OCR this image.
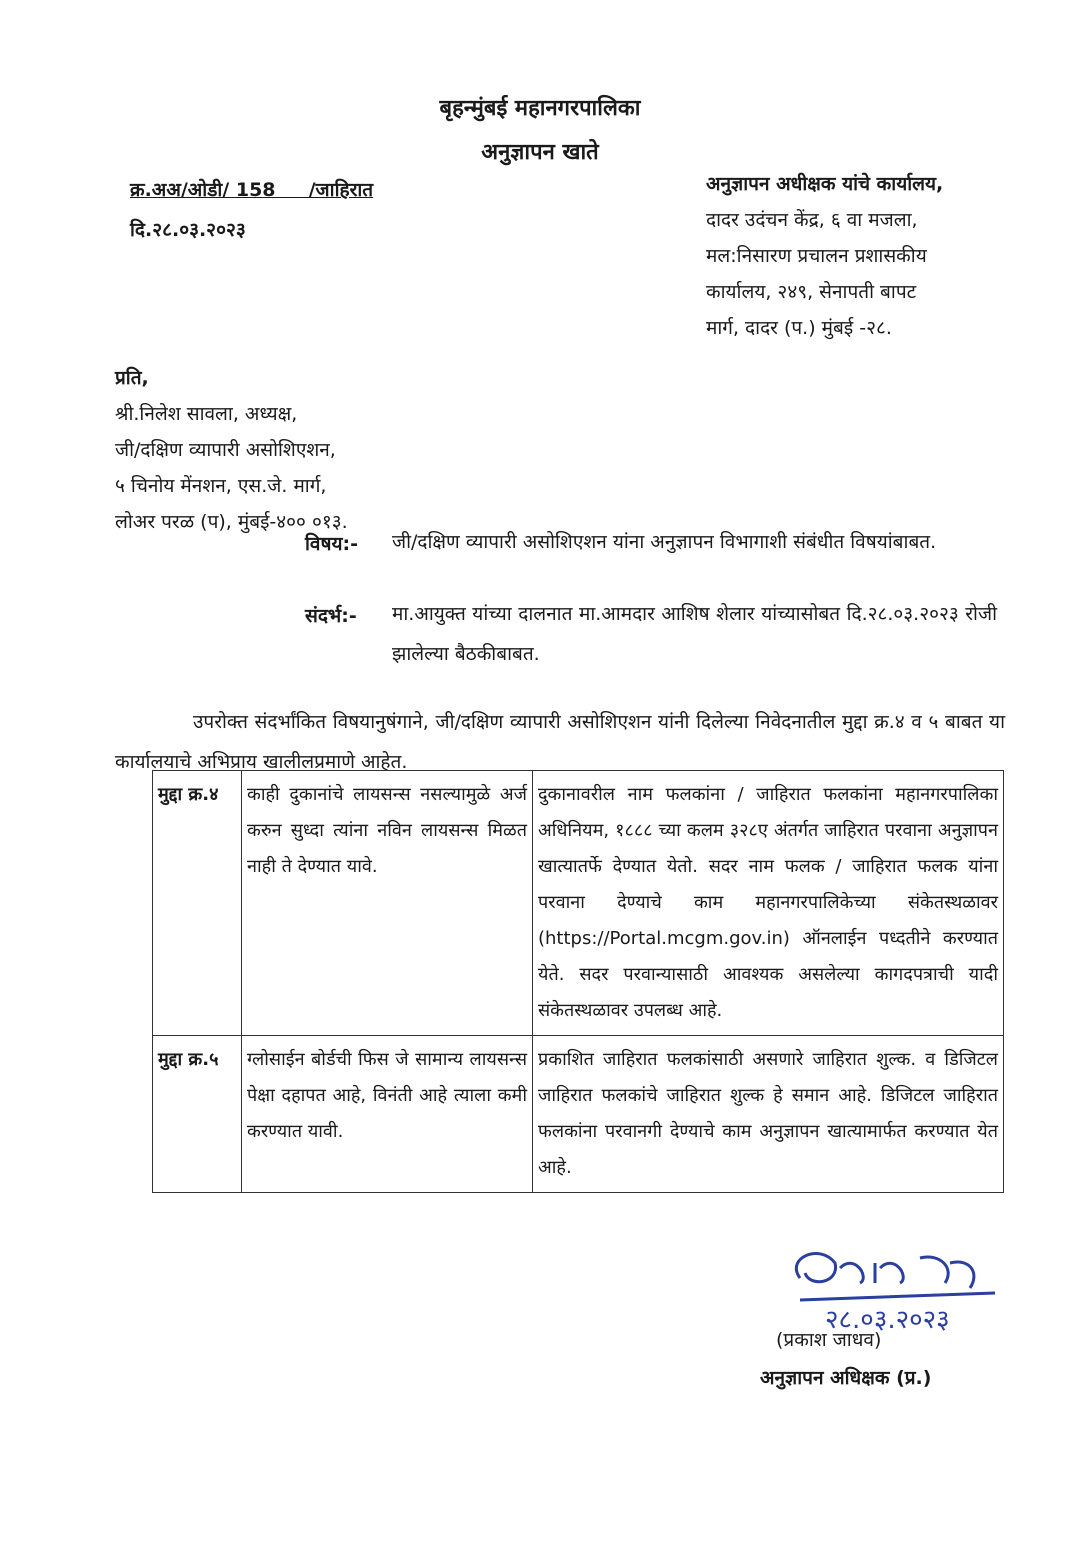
बृहन्मुंबई महानगरपालिका
अनुज्ञापन खाते
क्र.अअ/ओडी/ 158 /जाहिरात
दि.२८.०३.२०२३
अनुज्ञापन अधीक्षक यांचे कार्यालय,
दादर उदंचन केंद्र, ६ वा मजला,
मल:निसारण प्रचालन प्रशासकीय
कार्यालय, २४९, सेनापती बापट
मार्ग, दादर (प.) मुंबई -२८.
प्रति,
श्री.निलेश सावला, अध्यक्ष,
जी/दक्षिण व्यापारी असोशिएशन,
५ चिनोय मेंनशन, एस.जे. मार्ग,
लोअर परळ (प), मुंबई-४०० ०१३.
विषय:- जी/दक्षिण व्यापारी असोशिएशन यांना अनुज्ञापन विभागाशी संबंधीत विषयांबाबत.
संदर्भ:- मा.आयुक्त यांच्या दालनात मा.आमदार आशिष शेलार यांच्यासोबत दि.२८.०३.२०२३ रोजी झालेल्या बैठकीबाबत.
उपरोक्त संदर्भांकित विषयानुषंगाने, जी/दक्षिण व्यापारी असोशिएशन यांनी दिलेल्या निवेदनातील मुद्दा क्र.४ व ५ बाबत या कार्यालयाचे अभिप्राय खालीलप्रमाणे आहेत.
मुद्दा क्र.४	काही दुकानांचे लायसन्स नसल्यामुळे अर्ज करुन सुध्दा त्यांना नविन लायसन्स मिळत नाही ते देण्यात यावे.	दुकानावरील नाम फलकांना / जाहिरात फलकांना महानगरपालिका अधिनियम, १८८८ च्या कलम ३२८ए अंतर्गत जाहिरात परवाना अनुज्ञापन खात्यातर्फे देण्यात येतो. सदर नाम फलक / जाहिरात फलक यांना परवाना देण्याचे काम महानगरपालिकेच्या संकेतस्थळावर (https://Portal.mcgm.gov.in) ऑनलाईन पध्दतीने करण्यात येते. सदर परवान्यासाठी आवश्यक असलेल्या कागदपत्राची यादी संकेतस्थळावर उपलब्ध आहे.
मुद्दा क्र.५	ग्लोसाईन बोर्डची फिस जे सामान्य लायसन्स पेक्षा दहापत आहे, विनंती आहे त्याला कमी करण्यात यावी.	प्रकाशित जाहिरात फलकांसाठी असणारे जाहिरात शुल्क. व डिजिटल जाहिरात फलकांचे जाहिरात शुल्क हे समान आहे. डिजिटल जाहिरात फलकांना परवानगी देण्याचे काम अनुज्ञापन खात्यामार्फत करण्यात येत आहे.
२८.०३.२०२३
(प्रकाश जाधव)
अनुज्ञापन अधिक्षक (प्र.)
